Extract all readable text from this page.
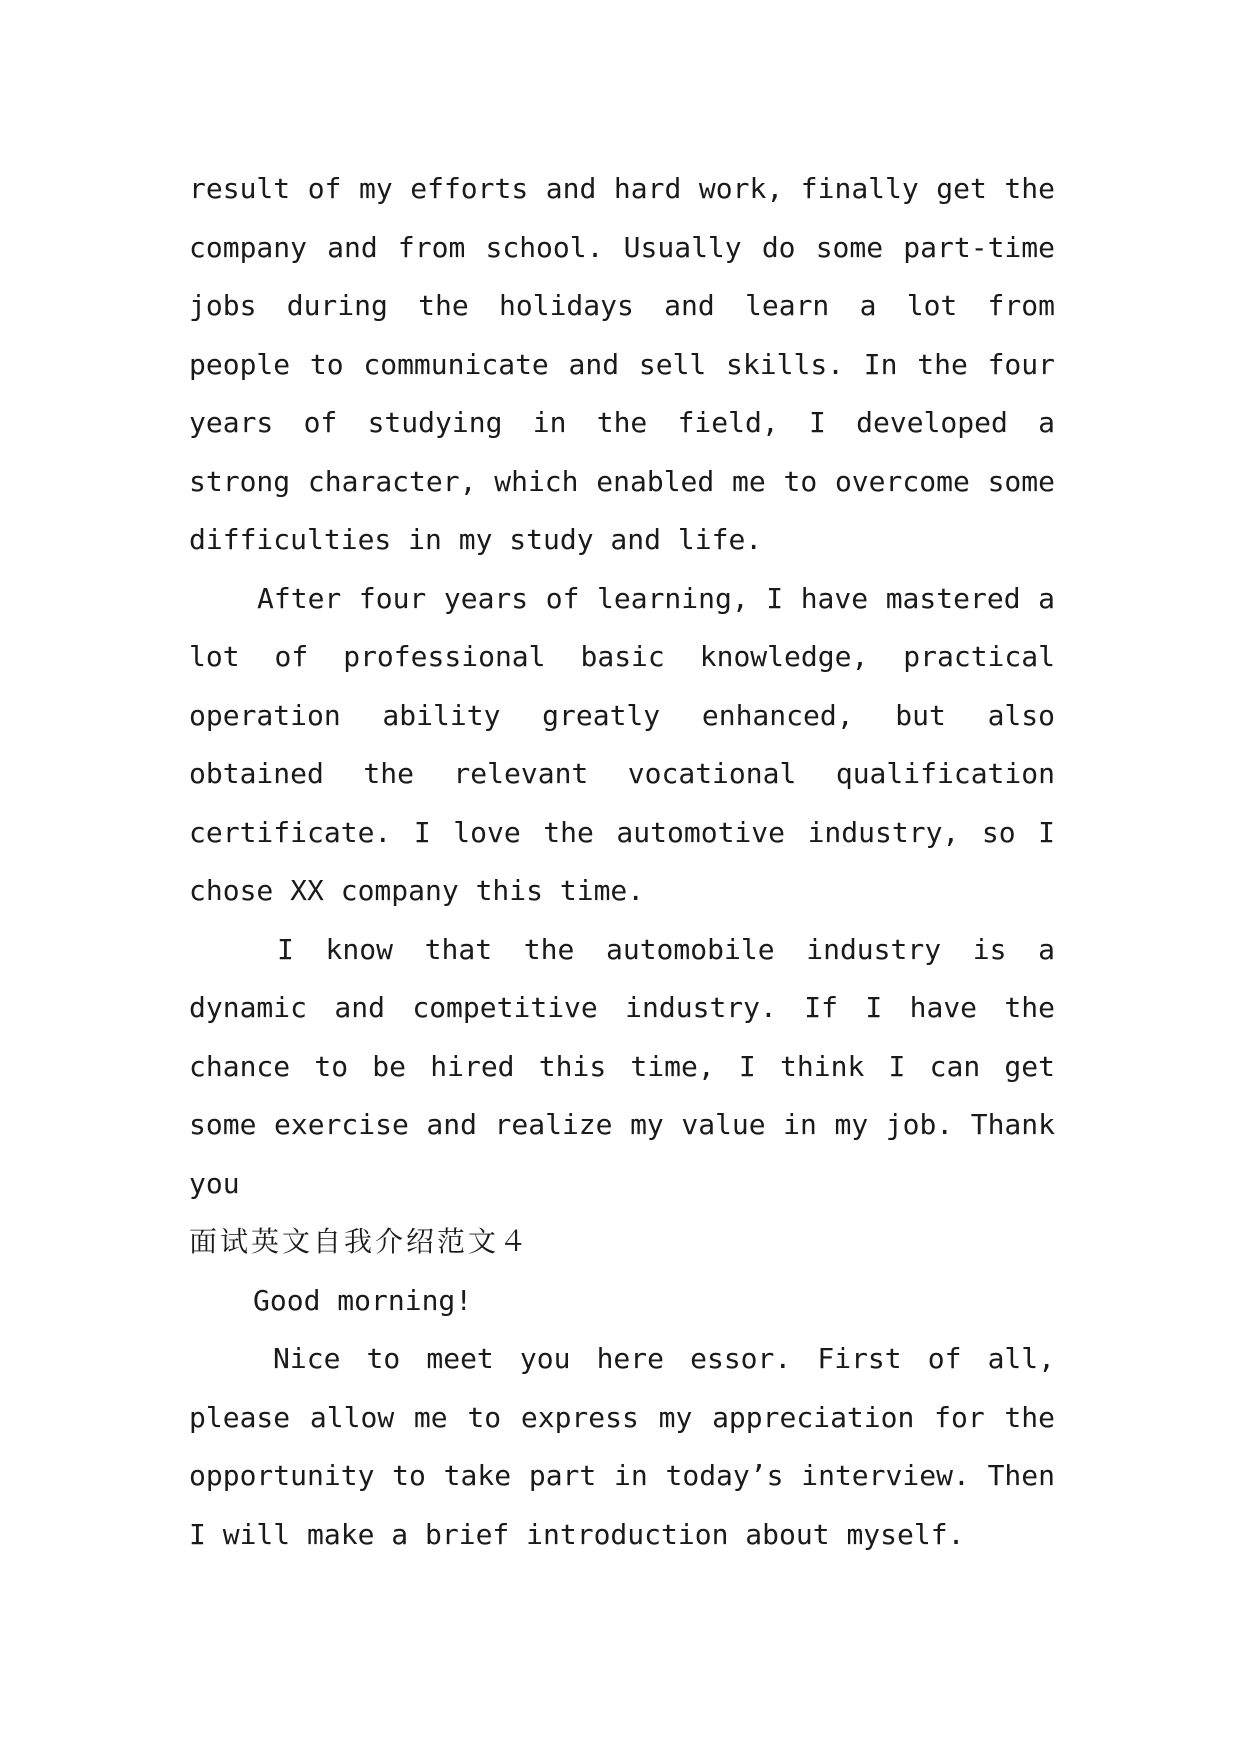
result of my efforts and hard work, finally get the company and from school. Usually do some part-time jobs during the holidays and learn a lot from people to communicate and sell skills. In the four years of studying in the field, I developed a strong character, which enabled me to overcome some difficulties in my study and life.

After four years of learning, I have mastered a lot of professional basic knowledge, practical operation ability greatly enhanced, but also obtained the relevant vocational qualification certificate. I love the automotive industry, so I chose XX company this time.

I know that the automobile industry is a dynamic and competitive industry. If I have the chance to be hired this time, I think I can get some exercise and realize my value in my job. Thank you

面试英文自我介绍范文４

Good morning!

Nice to meet you here essor. First of all, please allow me to express my appreciation for the opportunity to take part in today’s interview. Then I will make a brief introduction about myself.
